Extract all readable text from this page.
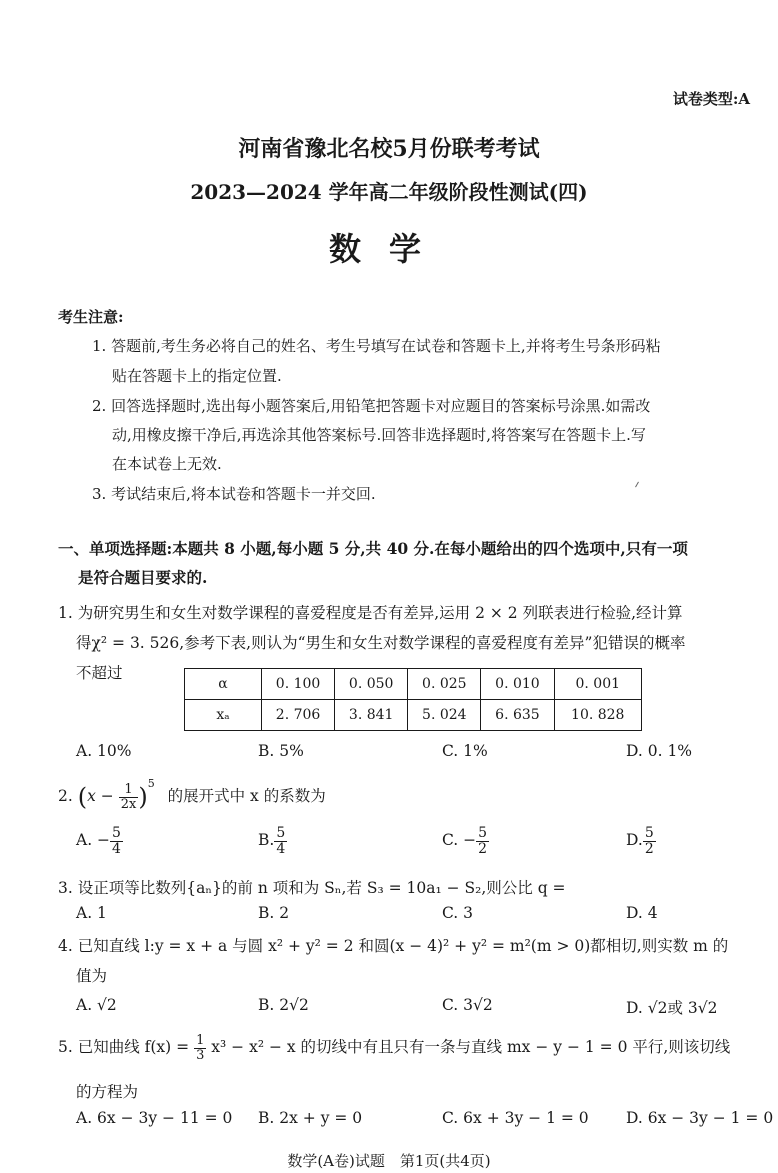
试卷类型:A
河南省豫北名校5月份联考考试
2023—2024 学年高二年级阶段性测试(四)
数学
考生注意:
1. 答题前,考生务必将自己的姓名、考生号填写在试卷和答题卡上,并将考生号条形码粘
贴在答题卡上的指定位置.
2. 回答选择题时,选出每小题答案后,用铅笔把答题卡对应题目的答案标号涂黑.如需改
动,用橡皮擦干净后,再选涂其他答案标号.回答非选择题时,将答案写在答题卡上.写
在本试卷上无效.
3. 考试结束后,将本试卷和答题卡一并交回.
一、单项选择题:本题共 8 小题,每小题 5 分,共 40 分.在每小题给出的四个选项中,只有一项
是符合题目要求的.
1. 为研究男生和女生对数学课程的喜爱程度是否有差异,运用 2 × 2 列联表进行检验,经计算
得χ² = 3. 526,参考下表,则认为“男生和女生对数学课程的喜爱程度有差异”犯错误的概率
不超过
α	0. 100	0. 050	0. 025	0. 010	0. 001
xₐ	2. 706	3. 841	5. 024	6. 635	10. 828
A. 10%	B. 5%	C. 1%	D. 0. 1%
2. $(x - \frac{1}{2x} )^5$ 的展开式中 x 的系数为
A. − $\frac{5}{4}$	B. $\frac{5}{4}$	C. − $\frac{5}{2}$	D. $\frac{5}{2}$
3. 设正项等比数列{aₙ}的前 n 项和为 Sₙ,若 S₃ = 10a₁ − S₂,则公比 q =
A. 1	B. 2	C. 3	D. 4
4. 已知直线 l:y = x + a 与圆 x² + y² = 2 和圆(x − 4)² + y² = m²(m > 0)都相切,则实数 m 的
值为
A. √2	B. 2√2	C. 3√2	D. √2或 3√2
5. 已知曲线 $f(x) = \frac{1}{3} x^3 - x^2 - x$ 的切线中有且只有一条与直线 mx − y − 1 = 0 平行,则该切线
的方程为
A. 6x − 3y − 11 = 0 B. 2x + y = 0	C. 6x + 3y − 1 = 0 D. 6x − 3y − 1 = 0
数学(A卷)试题　第1页(共4页)
